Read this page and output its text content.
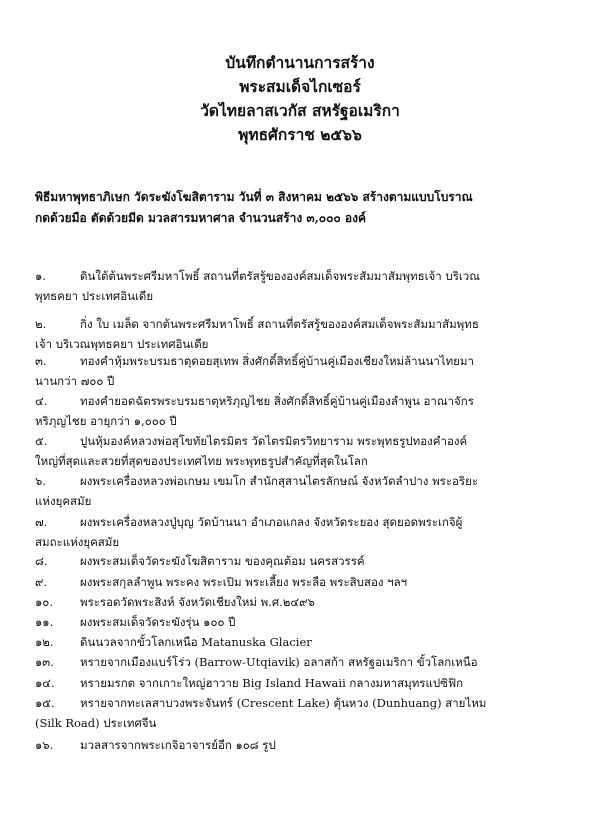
บันทึกตำนานการสร้าง
พระสมเด็จไกเซอร์
วัดไทยลาสเวกัส สหรัฐอเมริกา
พุทธศักราช ๒๕๖๖
พิธีมหาพุทธาภิเษก วัดระฆังโฆสิตาราม วันที่ ๓ สิงหาคม ๒๕๖๖ สร้างตามแบบโบราณ
กดด้วยมือ ตัดด้วยมีด มวลสารมหาศาล จำนวนสร้าง ๓,๐๐๐ องค์
๑.	ดินใต้ต้นพระศรีมหาโพธิ์ สถานที่ตรัสรู้ขององค์สมเด็จพระสัมมาสัมพุทธเจ้า บริเวณ
พุทธคยา ประเทศอินเดีย
๒.	กิ่ง ใบ เมล็ด จากต้นพระศรีมหาโพธิ์ สถานที่ตรัสรู้ขององค์สมเด็จพระสัมมาสัมพุทธ
เจ้า บริเวณพุทธคยา ประเทศอินเดีย
๓.	ทองคำหุ้มพระบรมธาตุดอยสุเทพ สิ่งศักดิ์สิทธิ์คู่บ้านคู่เมืองเชียงใหม่ล้านนาไทยมา
นานกว่า ๗๐๐ ปี
๔.	ทองคำยอดฉัตรพระบรมธาตุหริภุญไชย สิ่งศักดิ์สิทธิ์คู่บ้านคู่เมืองลำพูน อาณาจักร
หริภุญไชย อายุกว่า ๑,๐๐๐ ปี
๕.	ปูนหุ้มองค์หลวงพ่อสุโขทัยไตรมิตร วัดไตรมิตรวิทยาราม พระพุทธรูปทองคำองค์
ใหญ่ที่สุดและสวยที่สุดของประเทศไทย พระพุทธรูปสำคัญที่สุดในโลก
๖.	ผงพระเครื่องหลวงพ่อเกษม เขมโก สำนักสุสานไตรลักษณ์ จังหวัดลำปาง พระอริยะ
แห่งยุคสมัย
๗.	ผงพระเครื่องหลวงปู่บุญ วัดบ้านนา อำเภอแกลง จังหวัดระยอง สุดยอดพระเกจิผู้
สมถะแห่งยุคสมัย
๘.	ผงพระสมเด็จวัดระฆังโฆสิตาราม ของคุณต้อม นครสวรรค์
๙.	ผงพระสกุลลำพูน พระคง พระเปิม พระเลี้ยง พระลือ พระสิบสอง ฯลฯ
๑๐. พระรอดวัดพระสิงห์ จังหวัดเชียงใหม่ พ.ศ.๒๔๙๖
๑๑. ผงพระสมเด็จวัดระฆังรุ่น ๑๐๐ ปี
๑๒. ดินนวลจากขั้วโลกเหนือ Matanuska Glacier
๑๓. หรายจากเมืองแบร์โร่ว (Barrow-Utqiavik) อลาสก้า สหรัฐอเมริกา ขั้วโลกเหนือ
๑๔. หรายมรกต จากเกาะใหญ่ฮาวาย Big Island Hawaii กลางมหาสมุทรแปซิฟิก
๑๕. หรายจากทะเลสาบวงพระจันทร์ (Crescent Lake) ตุ้นหวง (Dunhuang) สายไหม
(Silk Road) ประเทศจีน
๑๖. มวลสารจากพระเกจิอาจารย์อีก ๑๐๘ รูป
